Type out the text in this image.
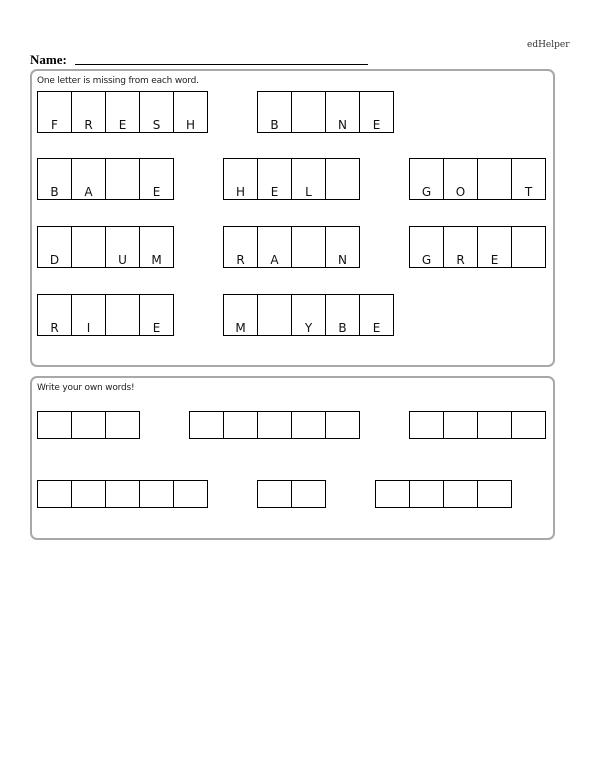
edHelper
Name:
One letter is missing from each word.
F	R	E	S	H	B	N	E
B	A	E	H	E	L	G	O	T
D	U	M	R	A	N	G	R	E
R	I	E	M	Y	B	E
Write your own words!
